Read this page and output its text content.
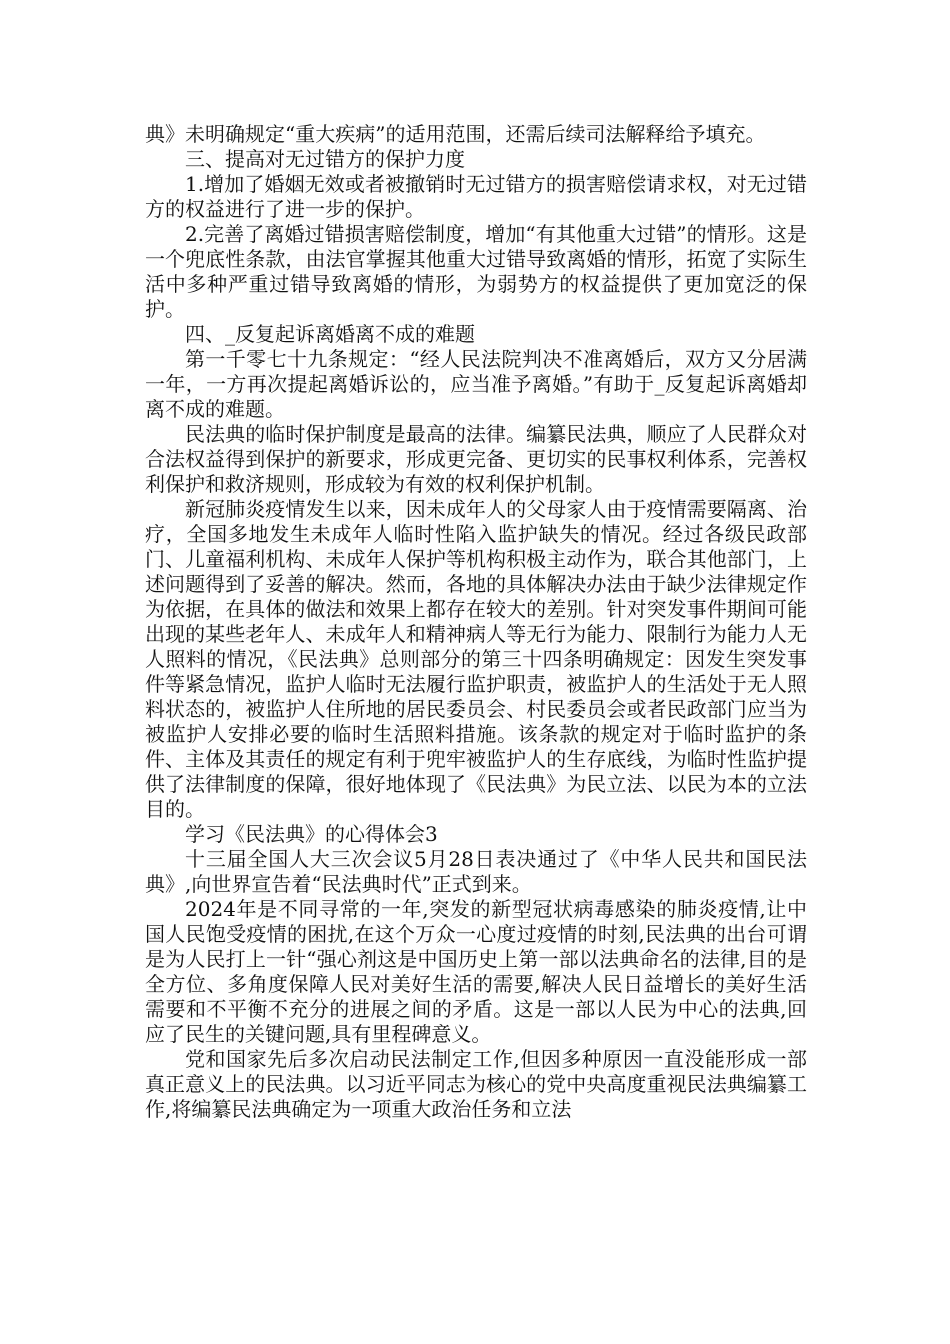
典》未明确规定“重大疾病”的适用范围，还需后续司法解释给予填充。

三、提高对无过错方的保护力度

1.增加了婚姻无效或者被撤销时无过错方的损害赔偿请求权，对无过错方的权益进行了进一步的保护。

2.完善了离婚过错损害赔偿制度，增加“有其他重大过错”的情形。这是一个兜底性条款，由法官掌握其他重大过错导致离婚的情形，拓宽了实际生活中多种严重过错导致离婚的情形，为弱势方的权益提供了更加宽泛的保护。

四、_反复起诉离婚离不成的难题

第一千零七十九条规定：“经人民法院判决不准离婚后，双方又分居满一年，一方再次提起离婚诉讼的，应当准予离婚。”有助于_反复起诉离婚却离不成的难题。

民法典的临时保护制度是最高的法律。编纂民法典，顺应了人民群众对合法权益得到保护的新要求，形成更完备、更切实的民事权利体系，完善权利保护和救济规则，形成较为有效的权利保护机制。

新冠肺炎疫情发生以来，因未成年人的父母家人由于疫情需要隔离、治疗，全国多地发生未成年人临时性陷入监护缺失的情况。经过各级民政部门、儿童福利机构、未成年人保护等机构积极主动作为，联合其他部门，上述问题得到了妥善的解决。然而，各地的具体解决办法由于缺少法律规定作为依据，在具体的做法和效果上都存在较大的差别。针对突发事件期间可能出现的某些老年人、未成年人和精神病人等无行为能力、限制行为能力人无人照料的情况，《民法典》总则部分的第三十四条明确规定：因发生突发事件等紧急情况，监护人临时无法履行监护职责，被监护人的生活处于无人照料状态的，被监护人住所地的居民委员会、村民委员会或者民政部门应当为被监护人安排必要的临时生活照料措施。该条款的规定对于临时监护的条件、主体及其责任的规定有利于兜牢被监护人的生存底线，为临时性监护提供了法律制度的保障，很好地体现了《民法典》为民立法、以民为本的立法目的。

学习《民法典》的心得体会3

十三届全国人大三次会议5月28日表决通过了《中华人民共和国民法典》,向世界宣告着“民法典时代”正式到来。

2024年是不同寻常的一年,突发的新型冠状病毒感染的肺炎疫情,让中国人民饱受疫情的困扰,在这个万众一心度过疫情的时刻,民法典的出台可谓是为人民打上一针“强心剂这是中国历史上第一部以法典命名的法律,目的是全方位、多角度保障人民对美好生活的需要,解决人民日益增长的美好生活需要和不平衡不充分的进展之间的矛盾。这是一部以人民为中心的法典,回应了民生的关键问题,具有里程碑意义。

党和国家先后多次启动民法制定工作,但因多种原因一直没能形成一部真正意义上的民法典。以习近平同志为核心的党中央高度重视民法典编纂工作,将编纂民法典确定为一项重大政治任务和立法
